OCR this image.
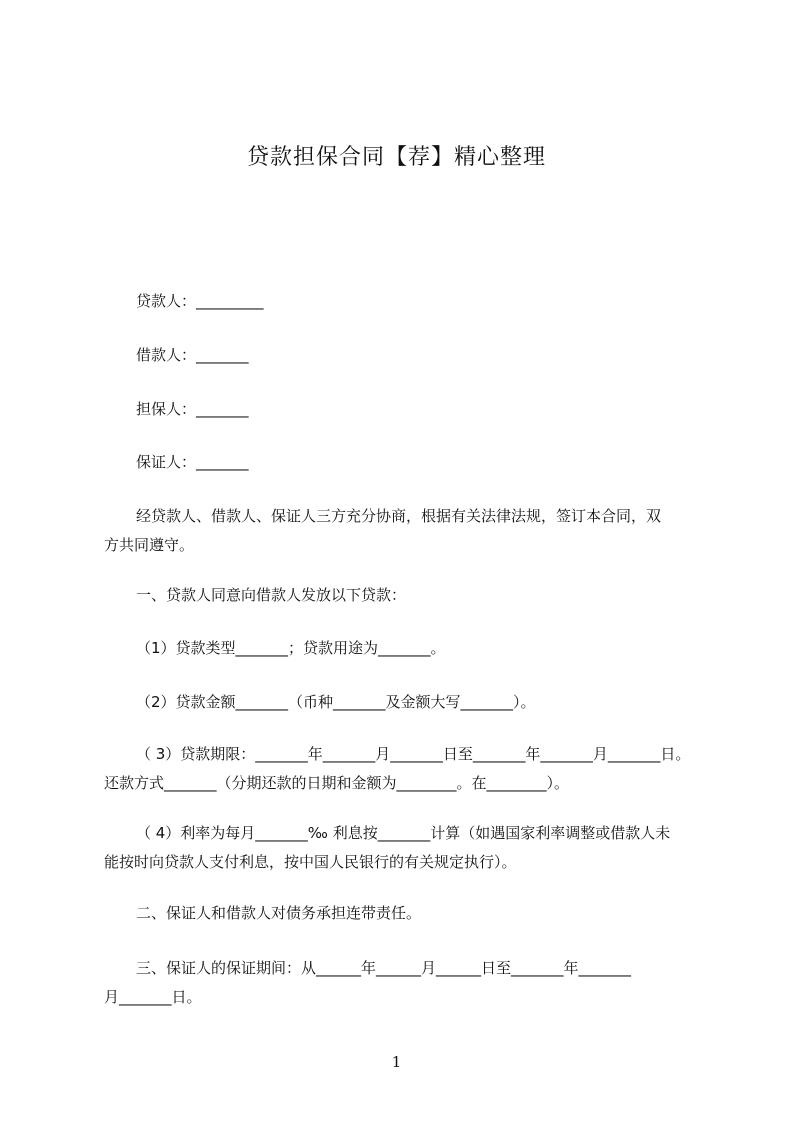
贷款担保合同【荐】精心整理
贷款人：_________
借款人：_______
担保人：_______
保证人：_______
经贷款人、借款人、保证人三方充分协商，根据有关法律法规，签订本合同，双
方共同遵守。
一、贷款人同意向借款人发放以下贷款：
（1）贷款类型_______；贷款用途为_______。
（2）贷款金额_______（币种_______及金额大写_______）。
（ 3）贷款期限：_______年_______月_______日至_______年_______月_______日。
还款方式_______（分期还款的日期和金额为________。在________）。
（ 4）利率为每月_______‰ 利息按_______计算（如遇国家利率调整或借款人未
能按时向贷款人支付利息，按中国人民银行的有关规定执行）。
二、保证人和借款人对债务承担连带责任。
三、保证人的保证期间：从______年______月______日至_______年_______
月_______日。
1
